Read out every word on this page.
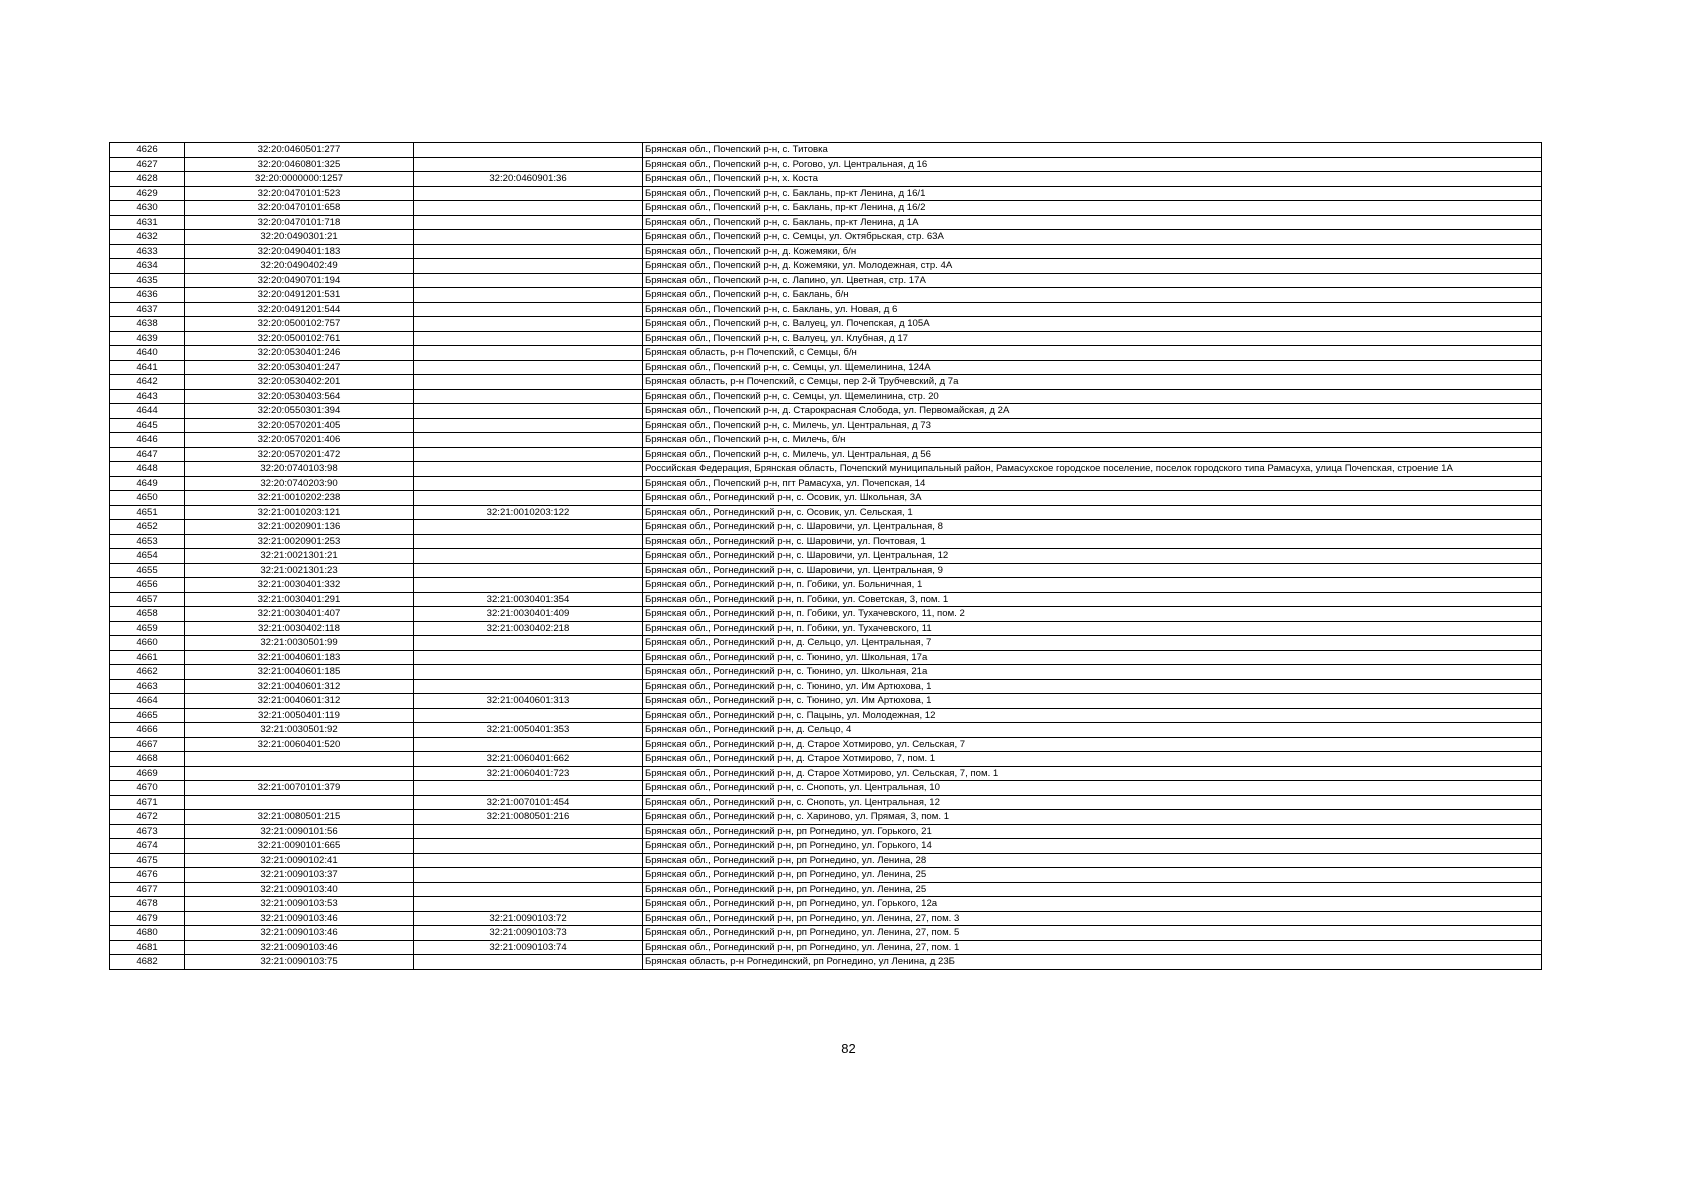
4626	32:20:0460501:277		Брянская обл., Почепский р-н, с. Титовка
4627	32:20:0460801:325		Брянская обл., Почепский р-н, с. Рогово, ул. Центральная, д 16
4628	32:20:0000000:1257	32:20:0460901:36	Брянская обл., Почепский р-н, х. Коста
4629	32:20:0470101:523		Брянская обл., Почепский р-н, с. Баклань, пр-кт Ленина, д 16/1
4630	32:20:0470101:658		Брянская обл., Почепский р-н, с. Баклань, пр-кт Ленина, д 16/2
4631	32:20:0470101:718		Брянская обл., Почепский р-н, с. Баклань, пр-кт Ленина, д 1А
4632	32:20:0490301:21		Брянская обл., Почепский р-н, с. Семцы, ул. Октябрьская, стр. 63А
4633	32:20:0490401:183		Брянская обл., Почепский р-н, д. Кожемяки, б/н
4634	32:20:0490402:49		Брянская обл., Почепский р-н, д. Кожемяки, ул. Молодежная, стр. 4А
4635	32:20:0490701:194		Брянская обл., Почепский р-н, с. Лапино, ул. Цветная, стр. 17А
4636	32:20:0491201:531		Брянская обл., Почепский р-н, с. Баклань, б/н
4637	32:20:0491201:544		Брянская обл., Почепский р-н, с. Баклань, ул. Новая, д 6
4638	32:20:0500102:757		Брянская обл., Почепский р-н, с. Валуец, ул. Почепская, д 105А
4639	32:20:0500102:761		Брянская обл., Почепский р-н, с. Валуец, ул. Клубная, д 17
4640	32:20:0530401:246		Брянская область, р-н Почепский, с Семцы, б/н
4641	32:20:0530401:247		Брянская обл., Почепский р-н, с. Семцы, ул. Щемелинина, 124А
4642	32:20:0530402:201		Брянская область, р-н Почепский, с Семцы, пер 2-й Трубчевский, д 7а
4643	32:20:0530403:564		Брянская обл., Почепский р-н, с. Семцы, ул. Щемелинина, стр. 20
4644	32:20:0550301:394		Брянская обл., Почепский р-н, д. Старокрасная Слобода, ул. Первомайская, д 2А
4645	32:20:0570201:405		Брянская обл., Почепский р-н, с. Милечь, ул. Центральная, д 73
4646	32:20:0570201:406		Брянская обл., Почепский р-н, с. Милечь, б/н
4647	32:20:0570201:472		Брянская обл., Почепский р-н, с. Милечь, ул. Центральная, д 56
4648	32:20:0740103:98		Российская Федерация, Брянская область, Почепский муниципальный район, Рамасухское городское поселение, поселок городского типа Рамасуха, улица Почепская, строение 1А
4649	32:20:0740203:90		Брянская обл., Почепский р-н, пгт Рамасуха, ул. Почепская, 14
4650	32:21:0010202:238		Брянская обл., Рогнединский р-н, с. Осовик, ул. Школьная, 3А
4651	32:21:0010203:121	32:21:0010203:122	Брянская обл., Рогнединский р-н, с. Осовик, ул. Сельская, 1
4652	32:21:0020901:136		Брянская обл., Рогнединский р-н, с. Шаровичи, ул. Центральная, 8
4653	32:21:0020901:253		Брянская обл., Рогнединский р-н, с. Шаровичи, ул. Почтовая, 1
4654	32:21:0021301:21		Брянская обл., Рогнединский р-н, с. Шаровичи, ул. Центральная, 12
4655	32:21:0021301:23		Брянская обл., Рогнединский р-н, с. Шаровичи, ул. Центральная, 9
4656	32:21:0030401:332		Брянская обл., Рогнединский р-н, п. Гобики, ул. Больничная, 1
4657	32:21:0030401:291	32:21:0030401:354	Брянская обл., Рогнединский р-н, п. Гобики, ул. Советская, 3, пом. 1
4658	32:21:0030401:407	32:21:0030401:409	Брянская обл., Рогнединский р-н, п. Гобики, ул. Тухачевского, 11, пом. 2
4659	32:21:0030402:118	32:21:0030402:218	Брянская обл., Рогнединский р-н, п. Гобики, ул. Тухачевского, 11
4660	32:21:0030501:99		Брянская обл., Рогнединский р-н, д. Сельцо, ул. Центральная, 7
4661	32:21:0040601:183		Брянская обл., Рогнединский р-н, с. Тюнино, ул. Школьная, 17а
4662	32:21:0040601:185		Брянская обл., Рогнединский р-н, с. Тюнино, ул. Школьная, 21а
4663	32:21:0040601:312		Брянская обл., Рогнединский р-н, с. Тюнино, ул. Им Артюхова, 1
4664	32:21:0040601:312	32:21:0040601:313	Брянская обл., Рогнединский р-н, с. Тюнино, ул. Им Артюхова, 1
4665	32:21:0050401:119		Брянская обл., Рогнединский р-н, с. Пацынь, ул. Молодежная, 12
4666	32:21:0030501:92	32:21:0050401:353	Брянская обл., Рогнединский р-н, д. Сельцо, 4
4667	32:21:0060401:520		Брянская обл., Рогнединский р-н, д. Старое Хотмирово, ул. Сельская, 7
4668		32:21:0060401:662	Брянская обл., Рогнединский р-н, д. Старое Хотмирово, 7, пом. 1
4669		32:21:0060401:723	Брянская обл., Рогнединский р-н, д. Старое Хотмирово, ул. Сельская, 7, пом. 1
4670	32:21:0070101:379		Брянская обл., Рогнединский р-н, с. Снопоть, ул. Центральная, 10
4671		32:21:0070101:454	Брянская обл., Рогнединский р-н, с. Снопоть, ул. Центральная, 12
4672	32:21:0080501:215	32:21:0080501:216	Брянская обл., Рогнединский р-н, с. Хариново, ул. Прямая, 3, пом. 1
4673	32:21:0090101:56		Брянская обл., Рогнединский р-н, рп Рогнедино, ул. Горького, 21
4674	32:21:0090101:665		Брянская обл., Рогнединский р-н, рп Рогнедино, ул. Горького, 14
4675	32:21:0090102:41		Брянская обл., Рогнединский р-н, рп Рогнедино, ул. Ленина, 28
4676	32:21:0090103:37		Брянская обл., Рогнединский р-н, рп Рогнедино, ул. Ленина, 25
4677	32:21:0090103:40		Брянская обл., Рогнединский р-н, рп Рогнедино, ул. Ленина, 25
4678	32:21:0090103:53		Брянская обл., Рогнединский р-н, рп Рогнедино, ул. Горького, 12а
4679	32:21:0090103:46	32:21:0090103:72	Брянская обл., Рогнединский р-н, рп Рогнедино, ул. Ленина, 27, пом. 3
4680	32:21:0090103:46	32:21:0090103:73	Брянская обл., Рогнединский р-н, рп Рогнедино, ул. Ленина, 27, пом. 5
4681	32:21:0090103:46	32:21:0090103:74	Брянская обл., Рогнединский р-н, рп Рогнедино, ул. Ленина, 27, пом. 1
4682	32:21:0090103:75		Брянская область, р-н Рогнединский, рп Рогнедино, ул Ленина, д 23Б
82
